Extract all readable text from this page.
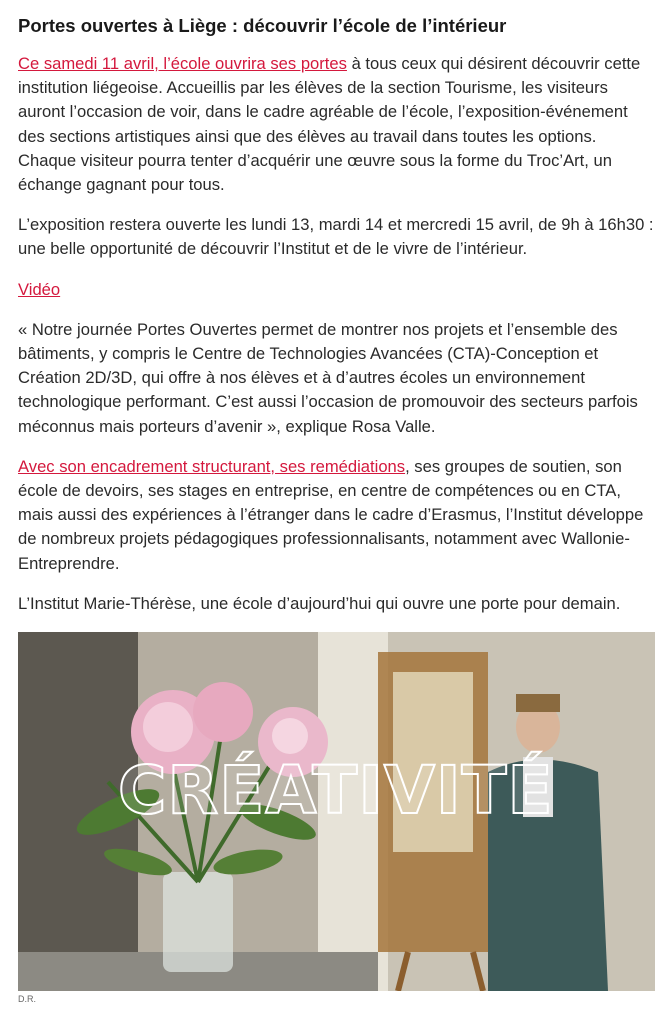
Portes ouvertes à Liège : découvrir l’école de l’intérieur

Ce samedi 11 avril, l’école ouvrira ses portes à tous ceux qui désirent découvrir cette institution liégeoise. Accueillis par les élèves de la section Tourisme, les visiteurs auront l’occasion de voir, dans le cadre agréable de l’école, l’exposition-événement des sections artistiques ainsi que des élèves au travail dans toutes les options. Chaque visiteur pourra tenter d’acquérir une œuvre sous la forme du Troc’Art, un échange gagnant pour tous.

L’exposition restera ouverte les lundi 13, mardi 14 et mercredi 15 avril, de 9h à 16h30 : une belle opportunité de découvrir l’Institut et de le vivre de l’intérieur.

Vidéo

« Notre journée Portes Ouvertes permet de montrer nos projets et l’ensemble des bâtiments, y compris le Centre de Technologies Avancées (CTA)-Conception et Création 2D/3D, qui offre à nos élèves et à d’autres écoles un environnement technologique performant. C’est aussi l’occasion de promouvoir des secteurs parfois méconnus mais porteurs d’avenir », explique Rosa Valle.

Avec son encadrement structurant, ses remédiations, ses groupes de soutien, son école de devoirs, ses stages en entreprise, en centre de compétences ou en CTA, mais aussi des expériences à l’étranger dans le cadre d’Erasmus, l’Institut développe de nombreux projets pédagogiques professionnalisants, notamment avec Wallonie-Entreprendre.

L’Institut Marie-Thérèse, une école d’aujourd’hui qui ouvre une porte pour demain.

CRÉATIVITÉ
D.R.
